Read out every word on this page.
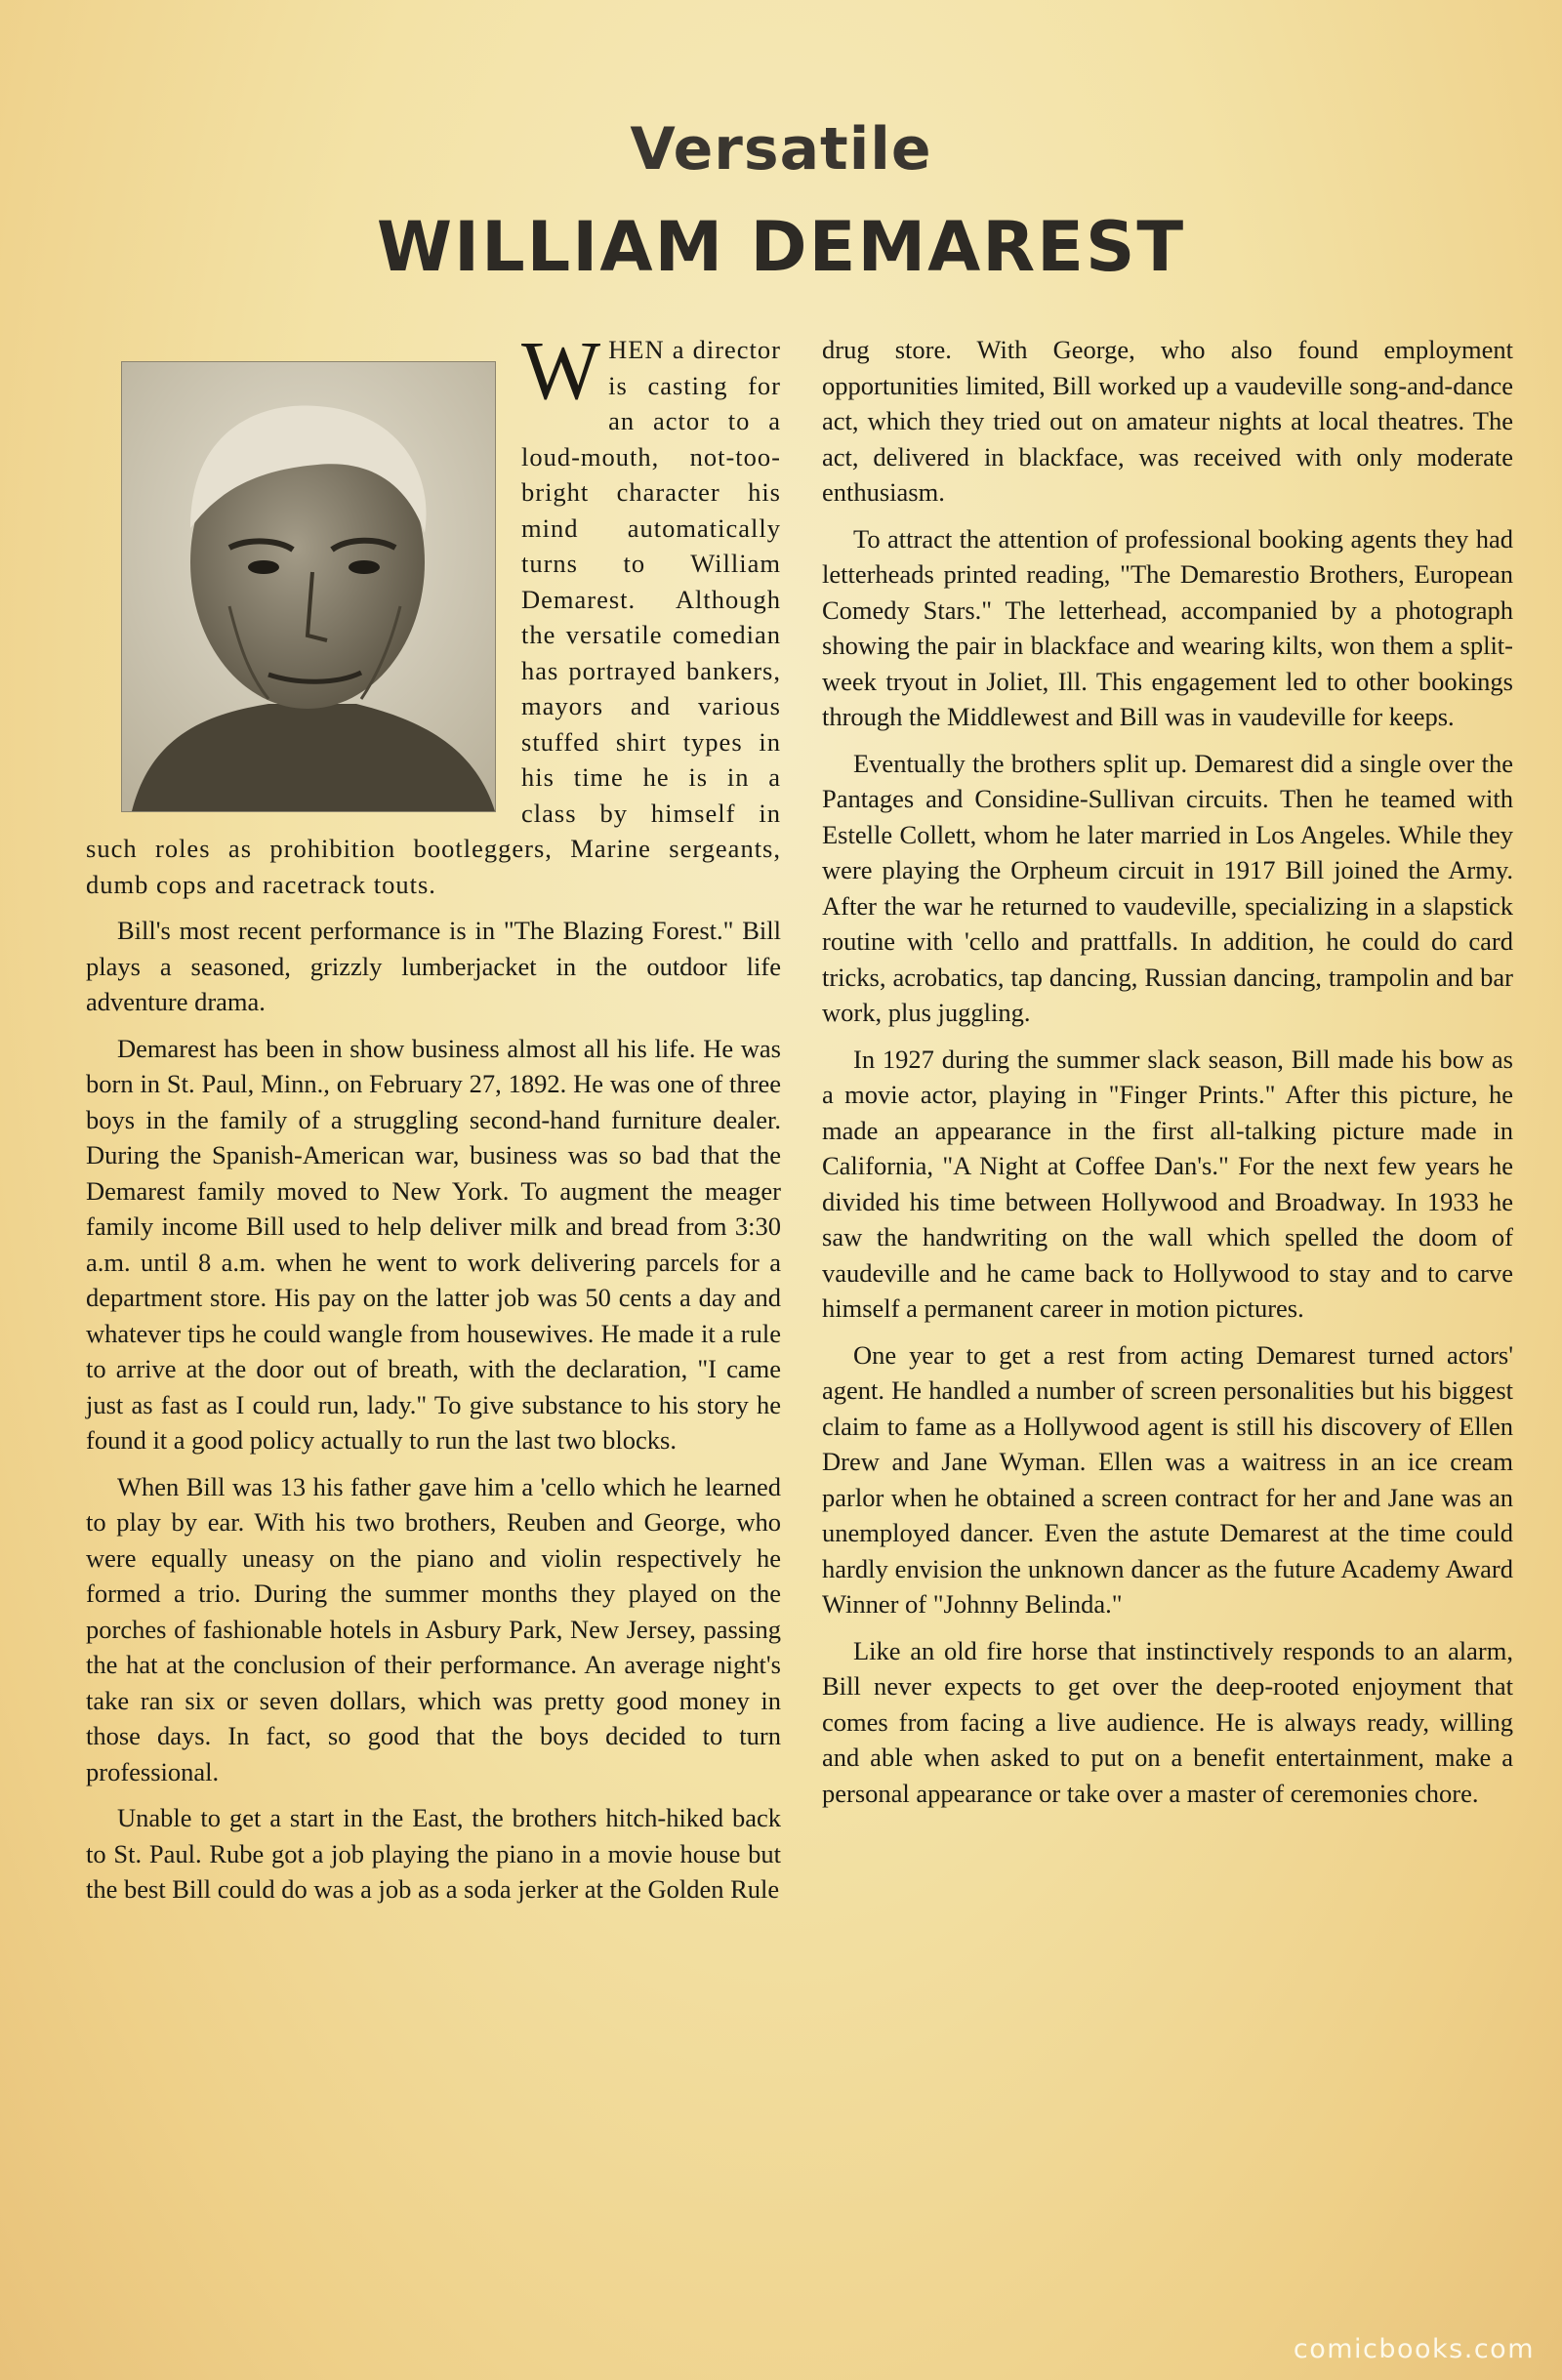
Versatile
WILLIAM DEMAREST

WHEN a director is casting for an actor to a loud-mouth, not-too-bright character his mind automatically turns to William Demarest. Although the versatile comedian has portrayed bankers, mayors and various stuffed shirt types in his time he is in a class by himself in such roles as prohibition bootleggers, Marine sergeants, dumb cops and racetrack touts.

Bill's most recent performance is in "The Blazing Forest." Bill plays a seasoned, grizzly lumberjacket in the outdoor life adventure drama.

Demarest has been in show business almost all his life. He was born in St. Paul, Minn., on February 27, 1892. He was one of three boys in the family of a struggling second-hand furniture dealer. During the Spanish-American war, business was so bad that the Demarest family moved to New York. To augment the meager family income Bill used to help deliver milk and bread from 3:30 a.m. until 8 a.m. when he went to work delivering parcels for a department store. His pay on the latter job was 50 cents a day and whatever tips he could wangle from housewives. He made it a rule to arrive at the door out of breath, with the declaration, "I came just as fast as I could run, lady." To give substance to his story he found it a good policy actually to run the last two blocks.

When Bill was 13 his father gave him a 'cello which he learned to play by ear. With his two brothers, Reuben and George, who were equally uneasy on the piano and violin respectively he formed a trio. During the summer months they played on the porches of fashionable hotels in Asbury Park, New Jersey, passing the hat at the conclusion of their performance. An average night's take ran six or seven dollars, which was pretty good money in those days. In fact, so good that the boys decided to turn professional.

Unable to get a start in the East, the brothers hitch-hiked back to St. Paul. Rube got a job playing the piano in a movie house but the best Bill could do was a job as a soda jerker at the Golden Rule

drug store. With George, who also found employment opportunities limited, Bill worked up a vaudeville song-and-dance act, which they tried out on amateur nights at local theatres. The act, delivered in blackface, was received with only moderate enthusiasm.

To attract the attention of professional booking agents they had letterheads printed reading, "The Demarestio Brothers, European Comedy Stars." The letterhead, accompanied by a photograph showing the pair in blackface and wearing kilts, won them a split-week tryout in Joliet, Ill. This engagement led to other bookings through the Middlewest and Bill was in vaudeville for keeps.

Eventually the brothers split up. Demarest did a single over the Pantages and Considine-Sullivan circuits. Then he teamed with Estelle Collett, whom he later married in Los Angeles. While they were playing the Orpheum circuit in 1917 Bill joined the Army. After the war he returned to vaudeville, specializing in a slapstick routine with 'cello and prattfalls. In addition, he could do card tricks, acrobatics, tap dancing, Russian dancing, trampolin and bar work, plus juggling.

In 1927 during the summer slack season, Bill made his bow as a movie actor, playing in "Finger Prints." After this picture, he made an appearance in the first all-talking picture made in California, "A Night at Coffee Dan's." For the next few years he divided his time between Hollywood and Broadway. In 1933 he saw the handwriting on the wall which spelled the doom of vaudeville and he came back to Hollywood to stay and to carve himself a permanent career in motion pictures.

One year to get a rest from acting Demarest turned actors' agent. He handled a number of screen personalities but his biggest claim to fame as a Hollywood agent is still his discovery of Ellen Drew and Jane Wyman. Ellen was a waitress in an ice cream parlor when he obtained a screen contract for her and Jane was an unemployed dancer. Even the astute Demarest at the time could hardly envision the unknown dancer as the future Academy Award Winner of "Johnny Belinda."

Like an old fire horse that instinctively responds to an alarm, Bill never expects to get over the deep-rooted enjoyment that comes from facing a live audience. He is always ready, willing and able when asked to put on a benefit entertainment, make a personal appearance or take over a master of ceremonies chore.

comicbooks.com
